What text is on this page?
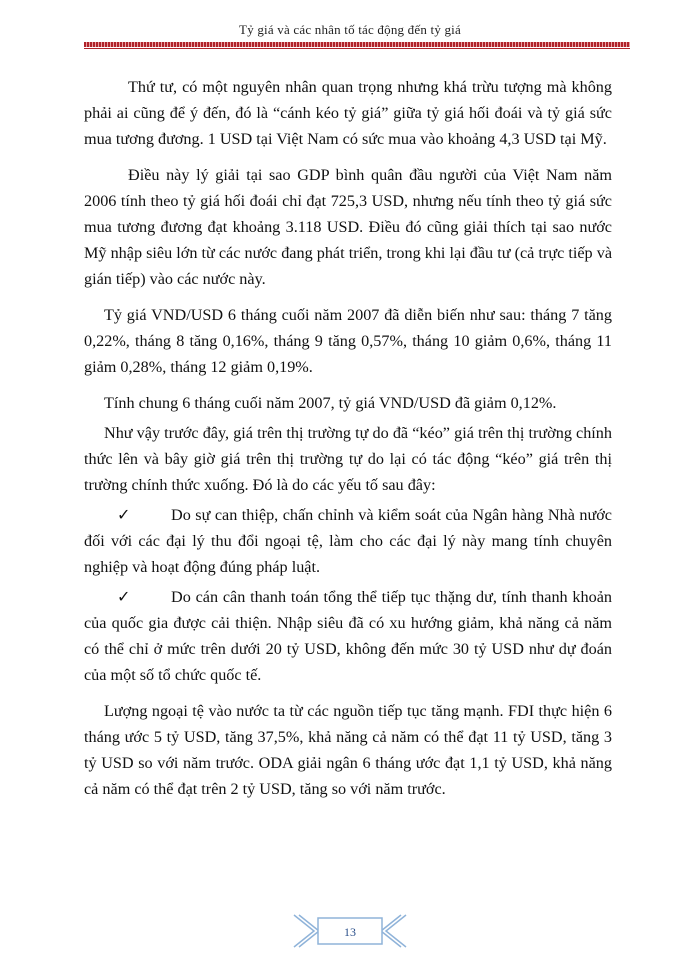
Tỷ giá và các nhân tố tác động đến tỷ giá

Thứ tư, có một nguyên nhân quan trọng nhưng khá trừu tượng mà không phải ai cũng để ý đến, đó là “cánh kéo tỷ giá” giữa tỷ giá hối đoái và tỷ giá sức mua tương đương. 1 USD tại Việt Nam có sức mua vào khoảng 4,3 USD tại Mỹ.

Điều này lý giải tại sao GDP bình quân đầu người của Việt Nam năm 2006 tính theo tỷ giá hối đoái chỉ đạt 725,3 USD, nhưng nếu tính theo tỷ giá sức mua tương đương đạt khoảng 3.118 USD. Điều đó cũng giải thích tại sao nước Mỹ nhập siêu lớn từ các nước đang phát triển, trong khi lại đầu tư (cả trực tiếp và gián tiếp) vào các nước này.

Tỷ giá VND/USD 6 tháng cuối năm 2007 đã diễn biến như sau: tháng 7 tăng 0,22%, tháng 8 tăng 0,16%, tháng 9 tăng 0,57%, tháng 10 giảm 0,6%, tháng 11 giảm 0,28%, tháng 12 giảm 0,19%.

Tính chung 6 tháng cuối năm 2007, tỷ giá VND/USD đã giảm 0,12%.

Như vậy trước đây, giá trên thị trường tự do đã “kéo” giá trên thị trường chính thức lên và bây giờ giá trên thị trường tự do lại có tác động “kéo” giá trên thị trường chính thức xuống. Đó là do các yếu tố sau đây:

✓ Do sự can thiệp, chấn chỉnh và kiểm soát của Ngân hàng Nhà nước đối với các đại lý thu đổi ngoại tệ, làm cho các đại lý này mang tính chuyên nghiệp và hoạt động đúng pháp luật.

✓ Do cán cân thanh toán tổng thể tiếp tục thặng dư, tính thanh khoản của quốc gia được cải thiện. Nhập siêu đã có xu hướng giảm, khả năng cả năm có thể chỉ ở mức trên dưới 20 tỷ USD, không đến mức 30 tỷ USD như dự đoán của một số tổ chức quốc tế.

Lượng ngoại tệ vào nước ta từ các nguồn tiếp tục tăng mạnh. FDI thực hiện 6 tháng ước 5 tỷ USD, tăng 37,5%, khả năng cả năm có thể đạt 11 tỷ USD, tăng 3 tỷ USD so với năm trước. ODA giải ngân 6 tháng ước đạt 1,1 tỷ USD, khả năng cả năm có thể đạt trên 2 tỷ USD, tăng so với năm trước.

13
